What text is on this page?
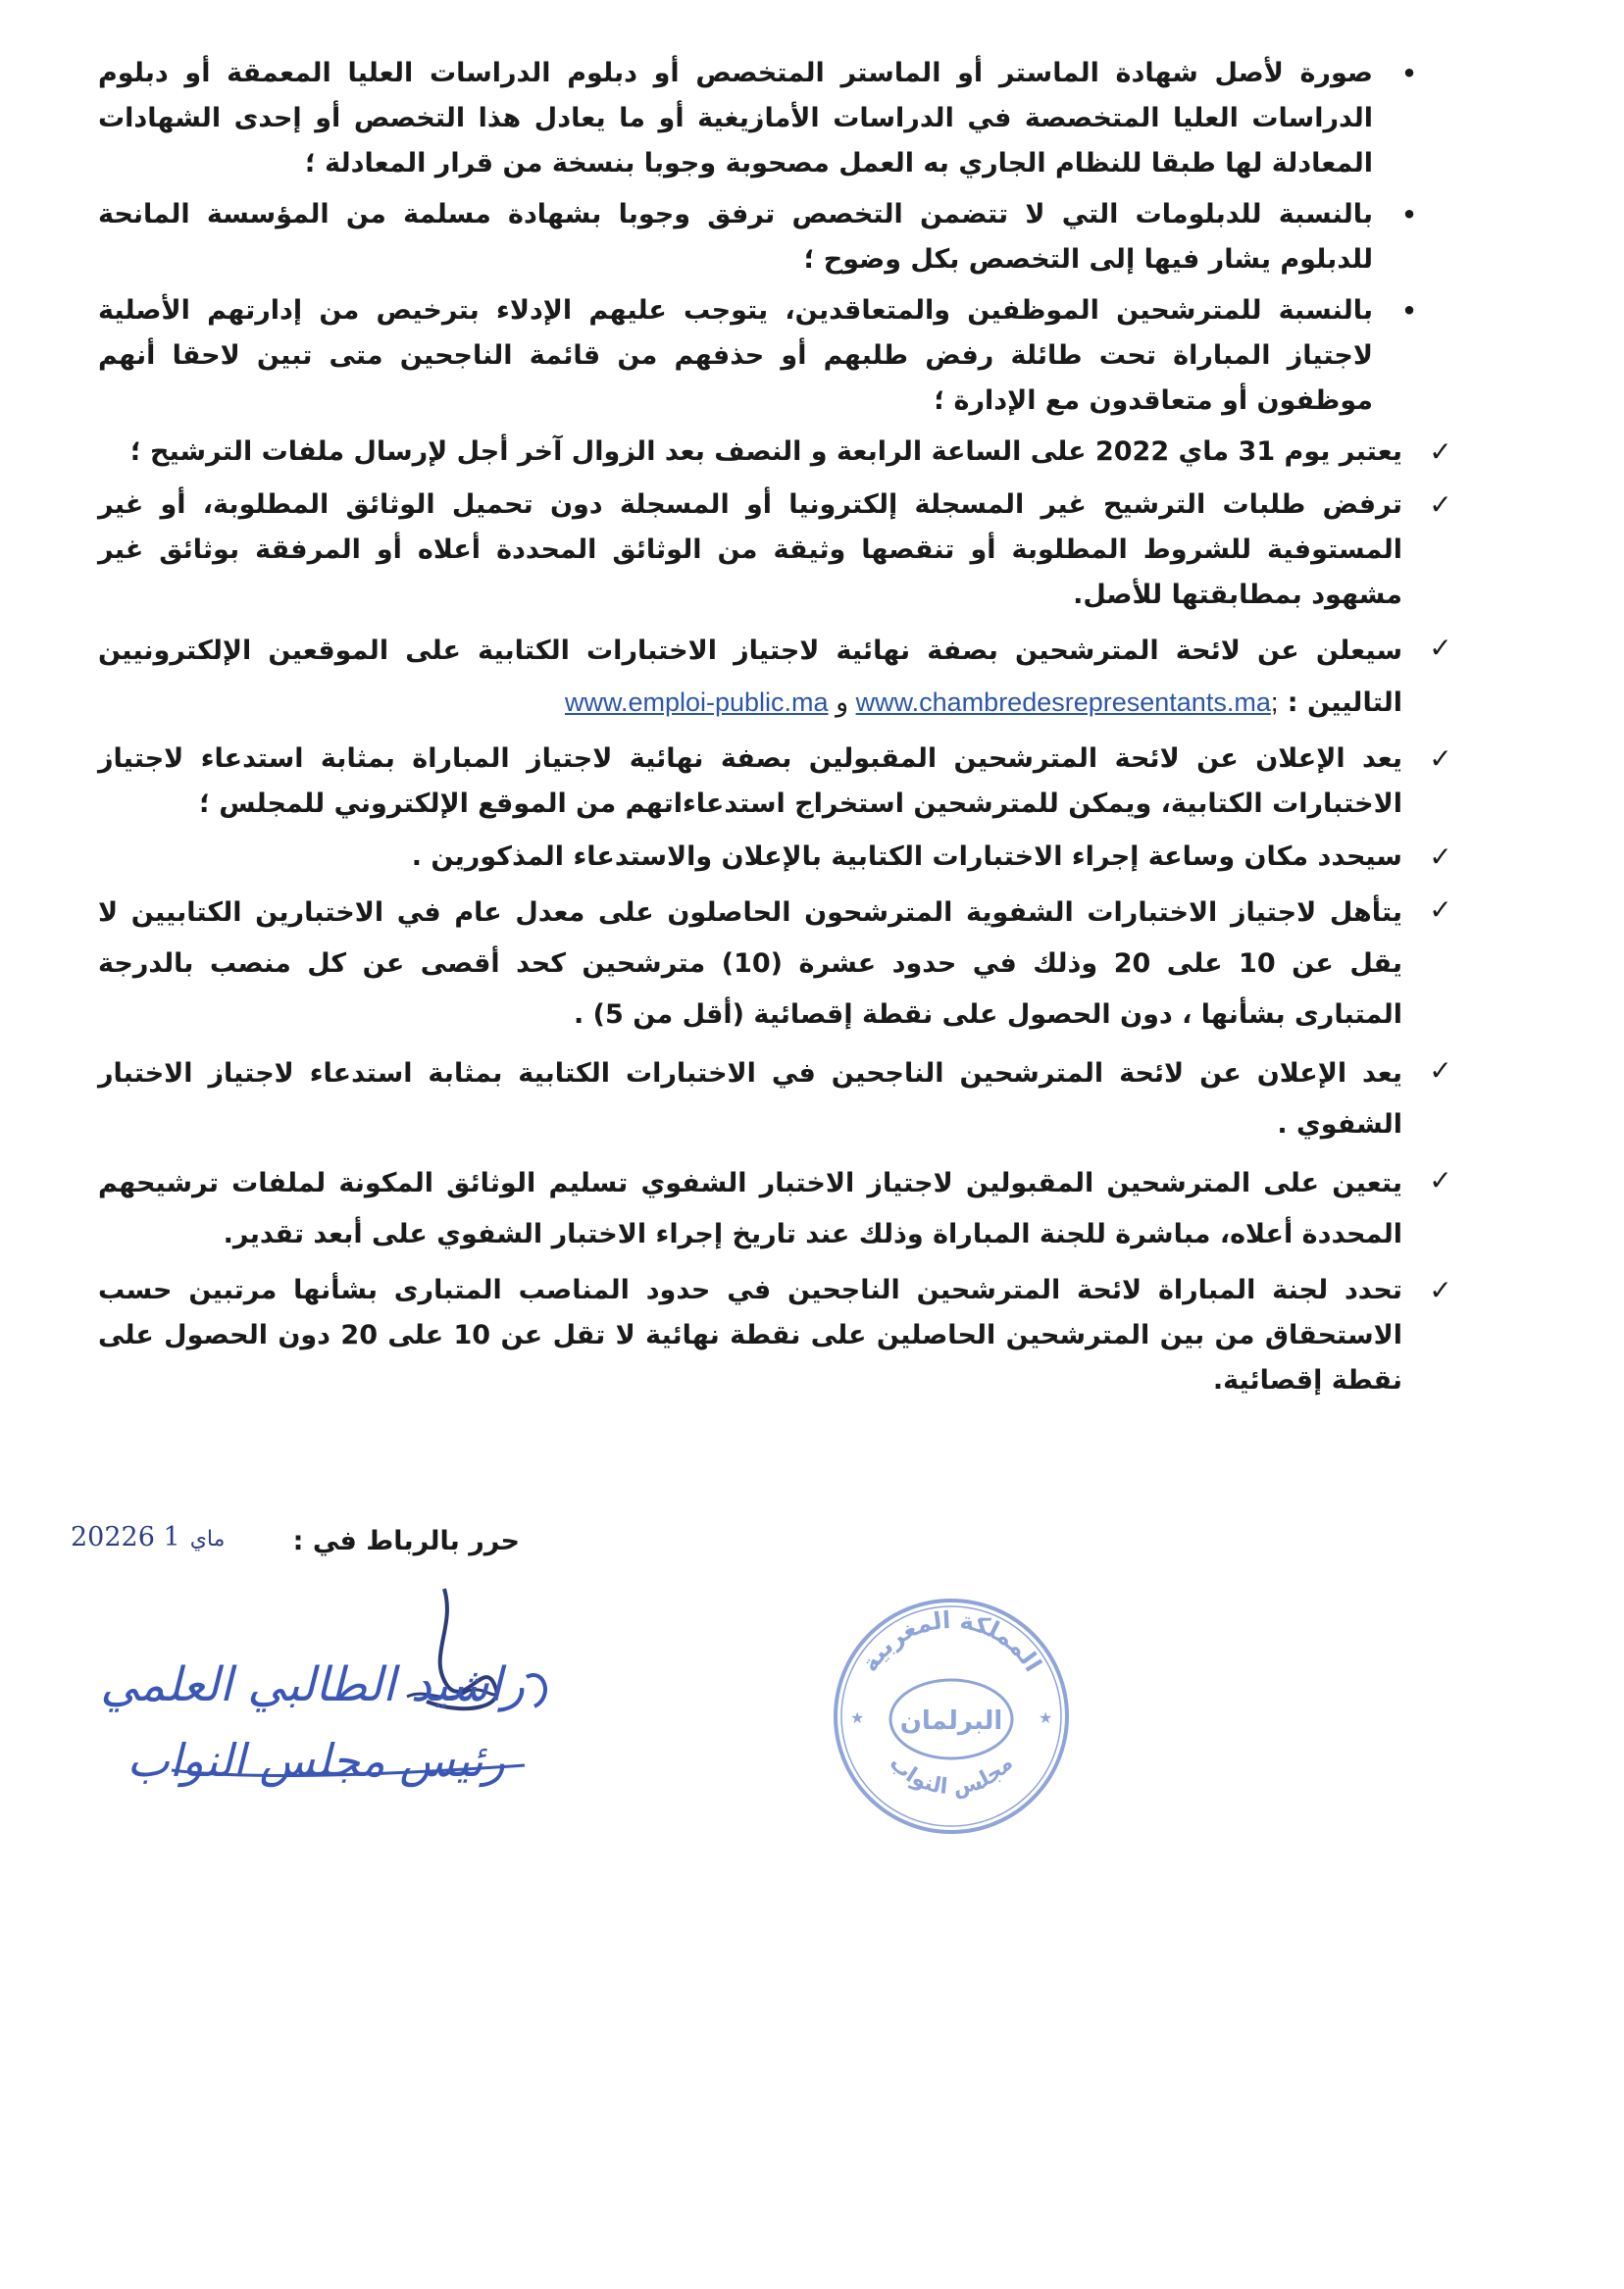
•
صورة لأصل شهادة الماستر أو الماستر المتخصص أو دبلوم الدراسات العليا المعمقة أو دبلوم الدراسات العليا المتخصصة في الدراسات الأمازيغية أو ما يعادل هذا التخصص أو إحدى الشهادات المعادلة لها طبقا للنظام الجاري به العمل مصحوبة وجوبا بنسخة من قرار المعادلة ؛
•
بالنسبة للدبلومات التي لا تتضمن التخصص ترفق وجوبا بشهادة مسلمة من المؤسسة المانحة للدبلوم يشار فيها إلى التخصص بكل وضوح ؛
•
بالنسبة للمترشحين الموظفين والمتعاقدين، يتوجب عليهم الإدلاء بترخيص من إدارتهم الأصلية لاجتياز المباراة تحت طائلة رفض طلبهم أو حذفهم من قائمة الناجحين متى تبين لاحقا أنهم موظفون أو متعاقدون مع الإدارة ؛
✓
يعتبر يوم 31 ماي 2022 على الساعة الرابعة و النصف بعد الزوال آخر أجل لإرسال ملفات الترشيح ؛
✓
ترفض طلبات الترشيح غير المسجلة إلكترونيا أو المسجلة دون تحميل الوثائق المطلوبة، أو غير المستوفية للشروط المطلوبة أو تنقصها وثيقة من الوثائق المحددة أعلاه أو المرفقة بوثائق غير مشهود بمطابقتها للأصل.
✓
سيعلن عن لائحة المترشحين بصفة نهائية لاجتياز الاختبارات الكتابية على الموقعين الإلكترونيين التاليين : www.emploi-public.ma و www.chambredesrepresentants.ma;
✓
يعد الإعلان عن لائحة المترشحين المقبولين بصفة نهائية لاجتياز المباراة بمثابة استدعاء لاجتياز الاختبارات الكتابية، ويمكن للمترشحين استخراج استدعاءاتهم من الموقع الإلكتروني للمجلس ؛
✓
سيحدد مكان وساعة إجراء الاختبارات الكتابية بالإعلان والاستدعاء المذكورين .
✓
يتأهل لاجتياز الاختبارات الشفوية المترشحون الحاصلون على معدل عام في الاختبارين الكتابيين لا يقل عن 10 على 20 وذلك في حدود عشرة (10) مترشحين كحد أقصى عن كل منصب بالدرجة المتبارى بشأنها ، دون الحصول على نقطة إقصائية (أقل من 5) .
✓
يعد الإعلان عن لائحة المترشحين الناجحين في الاختبارات الكتابية بمثابة استدعاء لاجتياز الاختبار الشفوي .
✓
يتعين على المترشحين المقبولين لاجتياز الاختبار الشفوي تسليم الوثائق المكونة لملفات ترشيحهم المحددة أعلاه، مباشرة للجنة المباراة وذلك عند تاريخ إجراء الاختبار الشفوي على أبعد تقدير.
✓
تحدد لجنة المباراة لائحة المترشحين الناجحين في حدود المناصب المتبارى بشأنها مرتبين حسب الاستحقاق من بين المترشحين الحاصلين على نقطة نهائية لا تقل عن 10 على 20 دون الحصول على نقطة إقصائية.
حرر بالرباط في :
2022 ماي1 6
راشيد الطالبي العلمي
رئيس مجلس النواب
المملكة المغربية
البرلمان
مجلس النواب
★	★
